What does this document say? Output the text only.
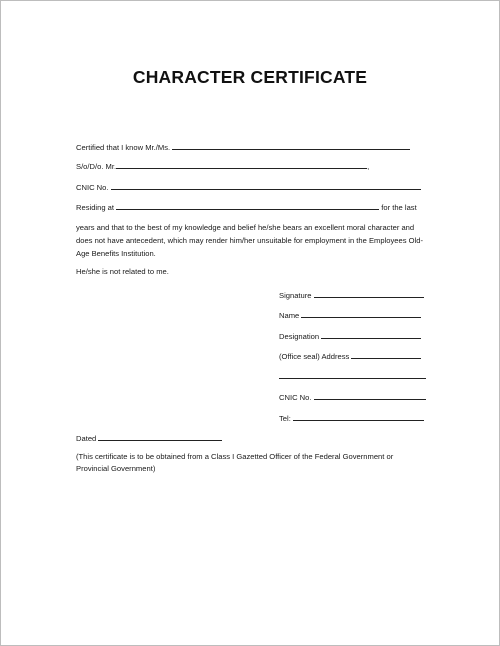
CHARACTER CERTIFICATE
Certified that I know Mr./Ms.
S/o/D/o. Mr.	,
CNIC No.
Residing at	for the last
years and that to the best of my knowledge and belief he/she bears an excellent moral character and does not have antecedent, which may render him/her unsuitable for employment in the Employees Old-Age Benefits Institution.
He/she is not related to me.
Signature
Name
Designation
(Office seal) Address
CNIC No.
Tel:
Dated
(This certificate is to be obtained from a Class I Gazetted Officer of the Federal Government or Provincial Government)
